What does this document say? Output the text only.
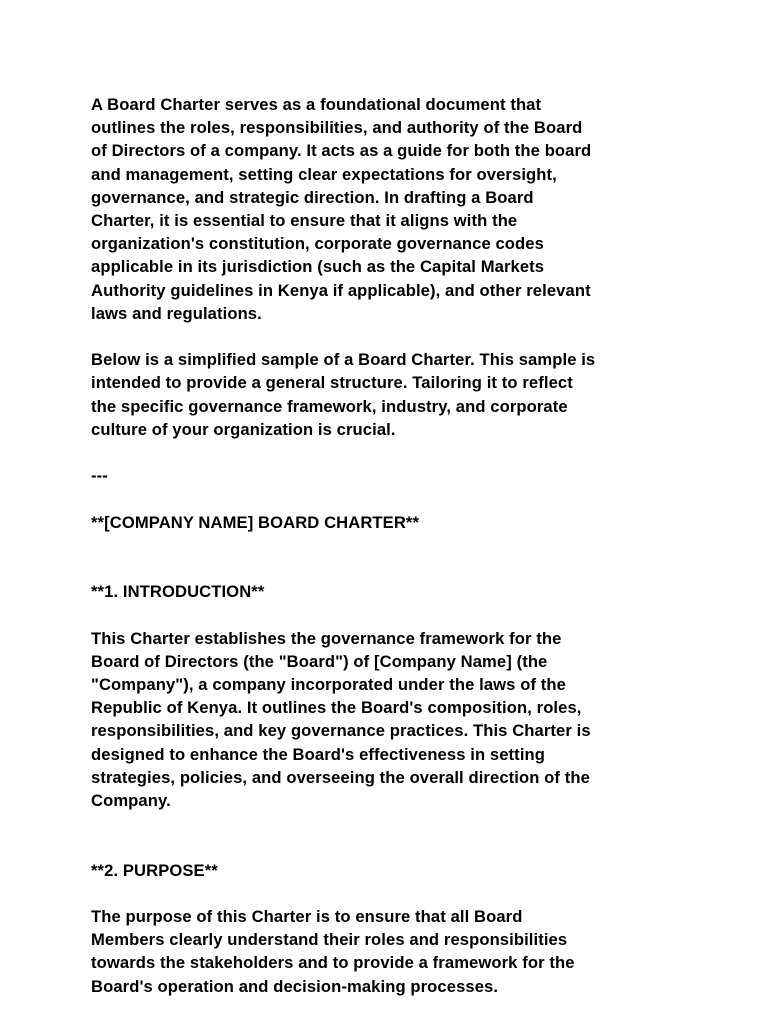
A Board Charter serves as a foundational document that
outlines the roles, responsibilities, and authority of the Board
of Directors of a company. It acts as a guide for both the board
and management, setting clear expectations for oversight,
governance, and strategic direction. In drafting a Board
Charter, it is essential to ensure that it aligns with the
organization's constitution, corporate governance codes
applicable in its jurisdiction (such as the Capital Markets
Authority guidelines in Kenya if applicable), and other relevant
laws and regulations.
Below is a simplified sample of a Board Charter. This sample is
intended to provide a general structure. Tailoring it to reflect
the specific governance framework, industry, and corporate
culture of your organization is crucial.
---
**[COMPANY NAME] BOARD CHARTER**

**1. INTRODUCTION**

This Charter establishes the governance framework for the
Board of Directors (the "Board") of [Company Name] (the
"Company"), a company incorporated under the laws of the
Republic of Kenya. It outlines the Board's composition, roles,
responsibilities, and key governance practices. This Charter is
designed to enhance the Board's effectiveness in setting
strategies, policies, and overseeing the overall direction of the
Company.

**2. PURPOSE**

The purpose of this Charter is to ensure that all Board
Members clearly understand their roles and responsibilities
towards the stakeholders and to provide a framework for the
Board's operation and decision-making processes.
